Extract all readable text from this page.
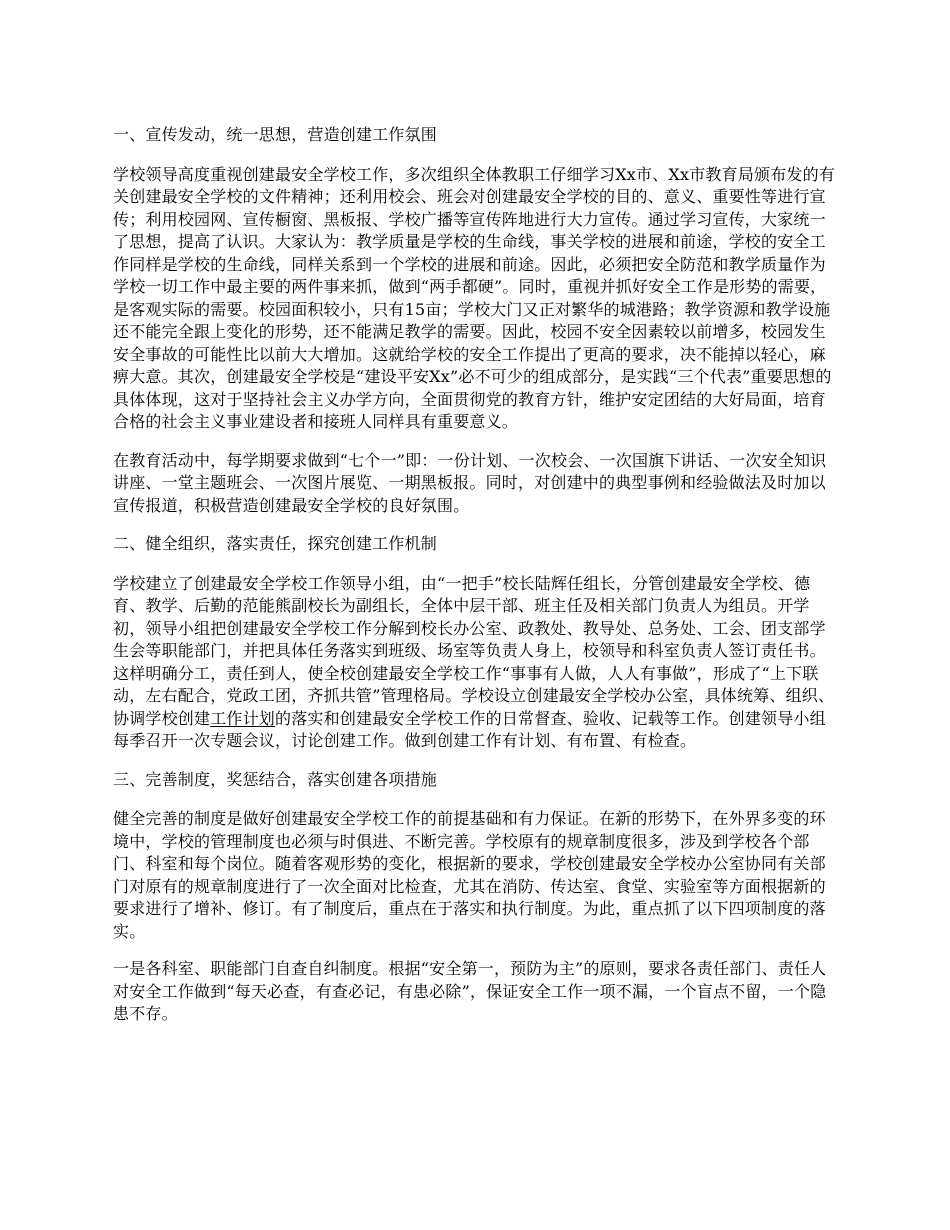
一、宣传发动，统一思想，营造创建工作氛围

学校领导高度重视创建最安全学校工作，多次组织全体教职工仔细学习Xx市、Xx市教育局颁布发的有关创建最安全学校的文件精神；还利用校会、班会对创建最安全学校的目的、意义、重要性等进行宣传；利用校园网、宣传橱窗、黑板报、学校广播等宣传阵地进行大力宣传。通过学习宣传，大家统一了思想，提高了认识。大家认为：教学质量是学校的生命线，事关学校的进展和前途，学校的安全工作同样是学校的生命线，同样关系到一个学校的进展和前途。因此，必须把安全防范和教学质量作为学校一切工作中最主要的两件事来抓，做到“两手都硬”。同时，重视并抓好安全工作是形势的需要，是客观实际的需要。校园面积较小，只有15亩；学校大门又正对繁华的城港路；教学资源和教学设施还不能完全跟上变化的形势，还不能满足教学的需要。因此，校园不安全因素较以前增多，校园发生安全事故的可能性比以前大大增加。这就给学校的安全工作提出了更高的要求，决不能掉以轻心，麻痹大意。其次，创建最安全学校是“建设平安Xx”必不可少的组成部分，是实践“三个代表”重要思想的具体体现，这对于坚持社会主义办学方向，全面贯彻党的教育方针，维护安定团结的大好局面，培育合格的社会主义事业建设者和接班人同样具有重要意义。

在教育活动中，每学期要求做到“七个一”即：一份计划、一次校会、一次国旗下讲话、一次安全知识讲座、一堂主题班会、一次图片展览、一期黑板报。同时，对创建中的典型事例和经验做法及时加以宣传报道，积极营造创建最安全学校的良好氛围。

二、健全组织，落实责任，探究创建工作机制

学校建立了创建最安全学校工作领导小组，由“一把手”校长陆辉任组长，分管创建最安全学校、德育、教学、后勤的范能熊副校长为副组长，全体中层干部、班主任及相关部门负责人为组员。开学初，领导小组把创建最安全学校工作分解到校长办公室、政教处、教导处、总务处、工会、团支部学生会等职能部门，并把具体任务落实到班级、场室等负责人身上，校领导和科室负责人签订责任书。这样明确分工，责任到人，使全校创建最安全学校工作“事事有人做，人人有事做”，形成了“上下联动，左右配合，党政工团，齐抓共管”管理格局。学校设立创建最安全学校办公室，具体统筹、组织、协调学校创建工作计划的落实和创建最安全学校工作的日常督查、验收、记载等工作。创建领导小组每季召开一次专题会议，讨论创建工作。做到创建工作有计划、有布置、有检查。

三、完善制度，奖惩结合，落实创建各项措施

健全完善的制度是做好创建最安全学校工作的前提基础和有力保证。在新的形势下，在外界多变的环境中，学校的管理制度也必须与时俱进、不断完善。学校原有的规章制度很多，涉及到学校各个部门、科室和每个岗位。随着客观形势的变化，根据新的要求，学校创建最安全学校办公室协同有关部门对原有的规章制度进行了一次全面对比检查，尤其在消防、传达室、食堂、实验室等方面根据新的要求进行了增补、修订。有了制度后，重点在于落实和执行制度。为此，重点抓了以下四项制度的落实。

一是各科室、职能部门自查自纠制度。根据“安全第一，预防为主”的原则，要求各责任部门、责任人对安全工作做到“每天必查，有查必记，有患必除”，保证安全工作一项不漏，一个盲点不留，一个隐患不存。
